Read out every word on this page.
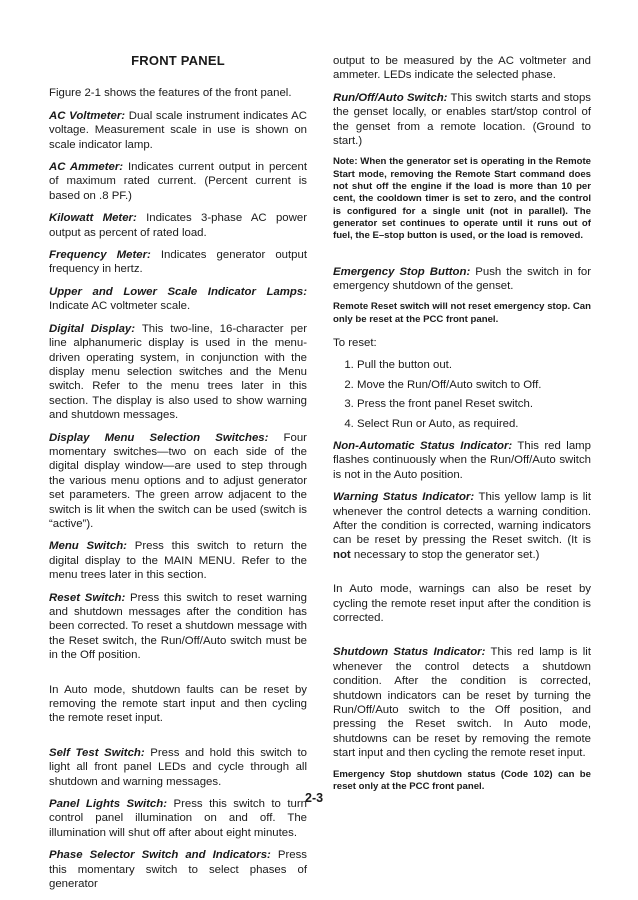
FRONT PANEL

Figure 2-1 shows the features of the front panel.

AC Voltmeter: Dual scale instrument indicates AC voltage. Measurement scale in use is shown on scale indicator lamp.

AC Ammeter: Indicates current output in percent of maximum rated current. (Percent current is based on .8 PF.)

Kilowatt Meter: Indicates 3-phase AC power output as percent of rated load.

Frequency Meter: Indicates generator output frequency in hertz.

Upper and Lower Scale Indicator Lamps: Indicate AC voltmeter scale.

Digital Display: This two-line, 16-character per line alphanumeric display is used in the menu-driven operating system, in conjunction with the display menu selection switches and the Menu switch. Refer to the menu trees later in this section. The display is also used to show warning and shutdown messages.

Display Menu Selection Switches: Four momentary switches—two on each side of the digital display window—are used to step through the various menu options and to adjust generator set parameters. The green arrow adjacent to the switch is lit when the switch can be used (switch is “active”).

Menu Switch: Press this switch to return the digital display to the MAIN MENU. Refer to the menu trees later in this section.

Reset Switch: Press this switch to reset warning and shutdown messages after the condition has been corrected. To reset a shutdown message with the Reset switch, the Run/Off/Auto switch must be in the Off position.

In Auto mode, shutdown faults can be reset by removing the remote start input and then cycling the remote reset input.

Self Test Switch: Press and hold this switch to light all front panel LEDs and cycle through all shutdown and warning messages.

Panel Lights Switch: Press this switch to turn control panel illumination on and off. The illumination will shut off after about eight minutes.

Phase Selector Switch and Indicators: Press this momentary switch to select phases of generator

output to be measured by the AC voltmeter and ammeter. LEDs indicate the selected phase.

Run/Off/Auto Switch: This switch starts and stops the genset locally, or enables start/stop control of the genset from a remote location. (Ground to start.)

Note: When the generator set is operating in the Remote Start mode, removing the Remote Start command does not shut off the engine if the load is more than 10 per cent, the cooldown timer is set to zero, and the control is configured for a single unit (not in parallel). The generator set continues to operate until it runs out of fuel, the E–stop button is used, or the load is removed.

Emergency Stop Button: Push the switch in for emergency shutdown of the genset.

Remote Reset switch will not reset emergency stop. Can only be reset at the PCC front panel.

To reset:

1. Pull the button out.
2. Move the Run/Off/Auto switch to Off.
3. Press the front panel Reset switch.
4. Select Run or Auto, as required.

Non-Automatic Status Indicator: This red lamp flashes continuously when the Run/Off/Auto switch is not in the Auto position.

Warning Status Indicator: This yellow lamp is lit whenever the control detects a warning condition. After the condition is corrected, warning indicators can be reset by pressing the Reset switch. (It is not necessary to stop the generator set.)

In Auto mode, warnings can also be reset by cycling the remote reset input after the condition is corrected.

Shutdown Status Indicator: This red lamp is lit whenever the control detects a shutdown condition. After the condition is corrected, shutdown indicators can be reset by turning the Run/Off/Auto switch to the Off position, and pressing the Reset switch. In Auto mode, shutdowns can be reset by removing the remote start input and then cycling the remote reset input.

Emergency Stop shutdown status (Code 102) can be reset only at the PCC front panel.

2-3
